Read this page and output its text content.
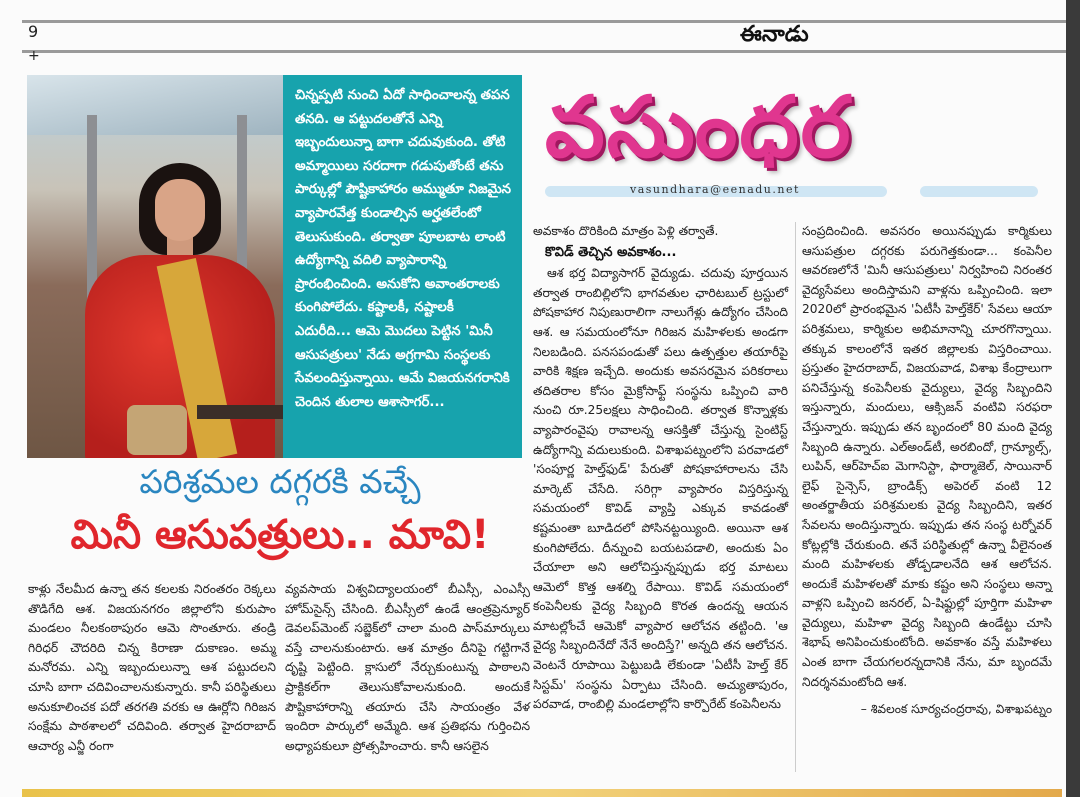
9
+
ఈనాడు

చిన్నప్పటి నుంచి ఏదో సాధించాలన్న తపన తనది. ఆ పట్టుదలతోనే ఎన్ని ఇబ్బందులున్నా బాగా చదువుకుంది. తోటి అమ్మాయిలు సరదాగా గడుపుతోంటే తను పార్కుల్లో పౌష్టికాహారం అమ్ముతూ నిజమైన వ్యాపారవేత్త కుండాల్సిన అర్హతలేంటో తెలుసుకుంది. తర్వాతా పూలబాట లాంటి ఉద్యోగాన్ని వదిలి వ్యాపారాన్ని ప్రారంభించింది. అనుకోని అవాంతరాలకు కుంగిపోలేదు. కష్టాలకీ, నష్టాలకీ ఎదురీది... ఆమె మొదలు పెట్టిన 'మినీ ఆసుపత్రులు' నేడు అగ్రగామి సంస్థలకు సేవలందిస్తున్నాయి. ఆమే విజయనగరానికి చెందిన తులాల ఆశాసాగర్...

వసుంధర
vasundhara@eenadu.net
పరిశ్రమల దగ్గరకి వచ్చే
మినీ ఆసుపత్రులు.. మావి!

కాళ్లు నేలమీద ఉన్నా తన కలలకు నిరంతరం రెక్కలు తొడిగేది ఆశ. విజయనగరం జిల్లాలోని కురుపాం మండలం నీలకంఠాపురం ఆమె సొంతూరు. తండ్రి గిరిధర్ చౌదరిది చిన్న కిరాణా దుకాణం. అమ్మ మనోరమ. ఎన్ని ఇబ్బందులున్నా ఆశ పట్టుదలని చూసి బాగా చదివించాలనుకున్నారు. కానీ పరిస్థితులు అనుకూలించక పదో తరగతి వరకు ఆ ఊర్లోని గిరిజన సంక్షేమ పాఠశాలలో చదివింది. తర్వాత హైదరాబాద్ ఆచార్య ఎన్జీ రంగా

వ్యవసాయ విశ్వవిద్యాలయంలో బీఎస్సీ, ఎంఎస్సీ హోమ్‌సైన్స్ చేసింది. బీఎస్సీలో ఉండే ఆంత్రప్రెన్యూర్ డెవలప్‌మెంట్ సబ్జెక్‌లో చాలా మంది పాస్‌మార్కులు వస్తే చాలనుకుంటారు. ఆశ మాత్రం దీనిపై గట్టిగానే దృష్టి పెట్టింది. క్లాసులో నేర్చుకుంటున్న పాఠాలని ప్రాక్టికల్‌గా తెలుసుకోవాలనుకుంది. అందుకే పౌష్టికాహారాన్ని తయారు చేసి సాయంత్రం వేళ ఇందిరా పార్కులో అమ్మేది. ఆశ ప్రతిభను గుర్తించిన అధ్యాపకులూ ప్రోత్సహించారు. కానీ ఆసలైన

అవకాశం దొరికింది మాత్రం పెళ్లి తర్వాతే.

కొవిడ్ తెచ్చిన అవకాశం...

ఆశ భర్త విద్యాసాగర్ వైద్యుడు. చదువు పూర్తయిన తర్వాత రాంబిల్లిలోని భాగవతుల ఛారిటబుల్ ట్రస్టులో పోషకాహార నిపుణురాలిగా నాలుగేళ్లు ఉద్యోగం చేసింది ఆశ. ఆ సమయంలోనూ గిరిజన మహిళలకు అండగా నిలబడింది. పనసపండుతో పలు ఉత్పత్తుల తయారీపై వారికి శిక్షణ ఇచ్చేది. అందుకు అవసరమైన పరికరాలు తదితరాల కోసం మైక్రోసాఫ్ట్ సంస్థను ఒప్పించి వారి నుంచి రూ.25లక్షలు సాధించింది. తర్వాత కొన్నాళ్లకు వ్యాపారంవైపు రావాలన్న ఆసక్తితో చేస్తున్న సైంటిస్ట్ ఉద్యోగాన్ని వదులుకుంది. విశాఖపట్నంలోని పరవాడలో 'సంపూర్ణ హెల్త్‌ఫుడ్' పేరుతో పోషకాహారాలను చేసి మార్కెట్ చేసేది. సరిగ్గా వ్యాపారం విస్తరిస్తున్న సమయంలో కొవిడ్ వ్యాప్తి ఎక్కువ కావడంతో కష్టమంతా బూడిదలో పోసినట్టయ్యింది. అయినా ఆశ కుంగిపోలేదు. దీన్నుంచి బయటపడాలి, అందుకు ఏం చేయాలా అని ఆలోచిస్తున్నప్పుడు భర్త మాటలు ఆమెలో కొత్త ఆశల్ని రేపాయి. కొవిడ్ సమయంలో కంపెనీలకు వైద్య సిబ్బంది కొరత ఉందన్న ఆయన మాటల్లోంచే ఆమెకో వ్యాపార ఆలోచన తట్టింది. 'ఆ వైద్య సిబ్బందినేదో నేనే అందిస్తే?' అన్నది తన ఆలోచన. వెంటనే రూపాయి పెట్టుబడి లేకుండా 'ఏటీసీ హెల్త్ కేర్ సిస్టమ్' సంస్థను ఏర్పాటు చేసింది. అచ్యుతాపురం, పరవాడ, రాంబిల్లి మండలాల్లోని కార్పొరేట్ కంపెనీలను

సంప్రదించింది. అవసరం అయినప్పుడు కార్మికులు ఆసుపత్రుల దగ్గరకు పరుగెత్తకుండా... కంపెనీల ఆవరణలోనే 'మినీ ఆసుపత్రులు' నిర్వహించి నిరంతర వైద్యసేవలు అందిస్తామని వాళ్లను ఒప్పించింది. ఇలా 2020లో ప్రారంభమైన 'ఏటీసీ హెల్త్‌కేర్' సేవలు ఆయా పరిశ్రమలు, కార్మికుల అభిమానాన్ని చూరగొన్నాయి. తక్కువ కాలంలోనే ఇతర జిల్లాలకు విస్తరించాయి. ప్రస్తుతం హైదరాబాద్, విజయవాడ, విశాఖ కేంద్రాలుగా పనిచేస్తున్న కంపెనీలకు వైద్యులు, వైద్య సిబ్బందిని ఇస్తున్నారు, మందులు, ఆక్సిజన్ వంటివి సరఫరా చేస్తున్నారు. ఇప్పుడు తన బృందంలో 80 మంది వైద్య సిబ్బంది ఉన్నారు. ఎల్‌అండ్‌టీ, అరబిందో, గ్రాన్యూల్స్, లుపిన్, ఆర్‌హెచ్‌ఐ మెగానిస్టా, ఫార్మాజెల్, సాయినార్ లైఫ్ సైన్సెస్, బ్రాండిక్స్ అపెరల్ వంటి 12 అంతర్జాతీయ పరిశ్రమలకు వైద్య సిబ్బందిని, ఇతర సేవలను అందిస్తున్నారు. ఇప్పుడు తన సంస్థ టర్నోవర్ కోట్లల్లోకి చేరుకుంది. తనే పరిస్థితుల్లో ఉన్నా వీలైనంత మంది మహిళలకు తోడ్పడాలనేది ఆశ ఆలోచన. అందుకే మహిళలతో మాకు కష్టం అని సంస్థలు అన్నా వాళ్లని ఒప్పించి జనరల్, ఏ-షిఫ్టుల్లో పూర్తిగా మహిళా వైద్యులు, మహిళా వైద్య సిబ్బంది ఉండేట్టు చూసి శెభాష్ అనిపించుకుంటోంది. అవకాశం వస్తే మహిళలు ఎంత బాగా చేయగలరన్నదానికి నేను, మా బృందమే నిదర్శనమంటోంది ఆశ.

– శివలంక సూర్యచంద్రరావు, విశాఖపట్నం
